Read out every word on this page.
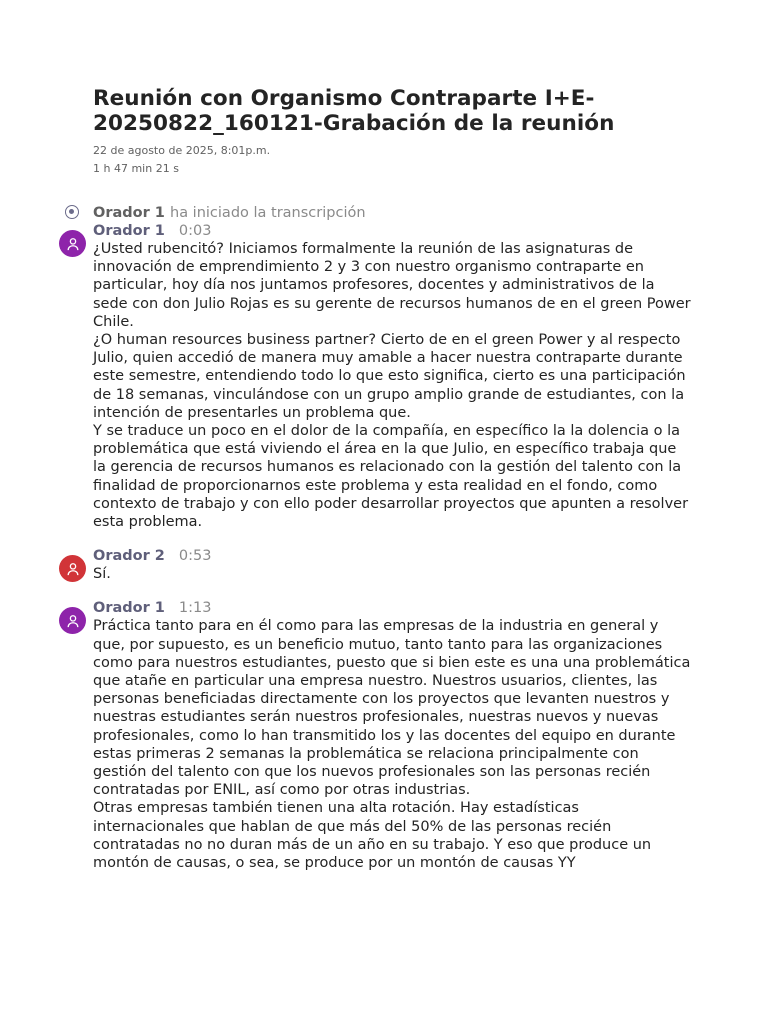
Reunión con Organismo Contraparte I+E-20250822_160121-Grabación de la reunión
22 de agosto de 2025, 8:01p.m.
1 h 47 min 21 s
Orador 1 ha iniciado la transcripción
Orador 1 0:03

¿Usted rubencitó? Iniciamos formalmente la reunión de las asignaturas de innovación de emprendimiento 2 y 3 con nuestro organismo contraparte en particular, hoy día nos juntamos profesores, docentes y administrativos de la sede con don Julio Rojas es su gerente de recursos humanos de en el green Power Chile.

¿O human resources business partner? Cierto de en el green Power y al respecto Julio, quien accedió de manera muy amable a hacer nuestra contraparte durante este semestre, entendiendo todo lo que esto significa, cierto es una participación de 18 semanas, vinculándose con un grupo amplio grande de estudiantes, con la intención de presentarles un problema que.

Y se traduce un poco en el dolor de la compañía, en específico la la dolencia o la problemática que está viviendo el área en la que Julio, en específico trabaja que la gerencia de recursos humanos es relacionado con la gestión del talento con la finalidad de proporcionarnos este problema y esta realidad en el fondo, como contexto de trabajo y con ello poder desarrollar proyectos que apunten a resolver esta problema.

Orador 2 0:53

Sí.

Orador 1 1:13

Práctica tanto para en él como para las empresas de la industria en general y que, por supuesto, es un beneficio mutuo, tanto tanto para las organizaciones como para nuestros estudiantes, puesto que si bien este es una una problemática que atañe en particular una empresa nuestro. Nuestros usuarios, clientes, las personas beneficiadas directamente con los proyectos que levanten nuestros y nuestras estudiantes serán nuestros profesionales, nuestras nuevos y nuevas profesionales, como lo han transmitido los y las docentes del equipo en durante estas primeras 2 semanas la problemática se relaciona principalmente con gestión del talento con que los nuevos profesionales son las personas recién contratadas por ENIL, así como por otras industrias.

Otras empresas también tienen una alta rotación. Hay estadísticas internacionales que hablan de que más del 50% de las personas recién contratadas no no duran más de un año en su trabajo. Y eso que produce un montón de causas, o sea, se produce por un montón de causas YY
